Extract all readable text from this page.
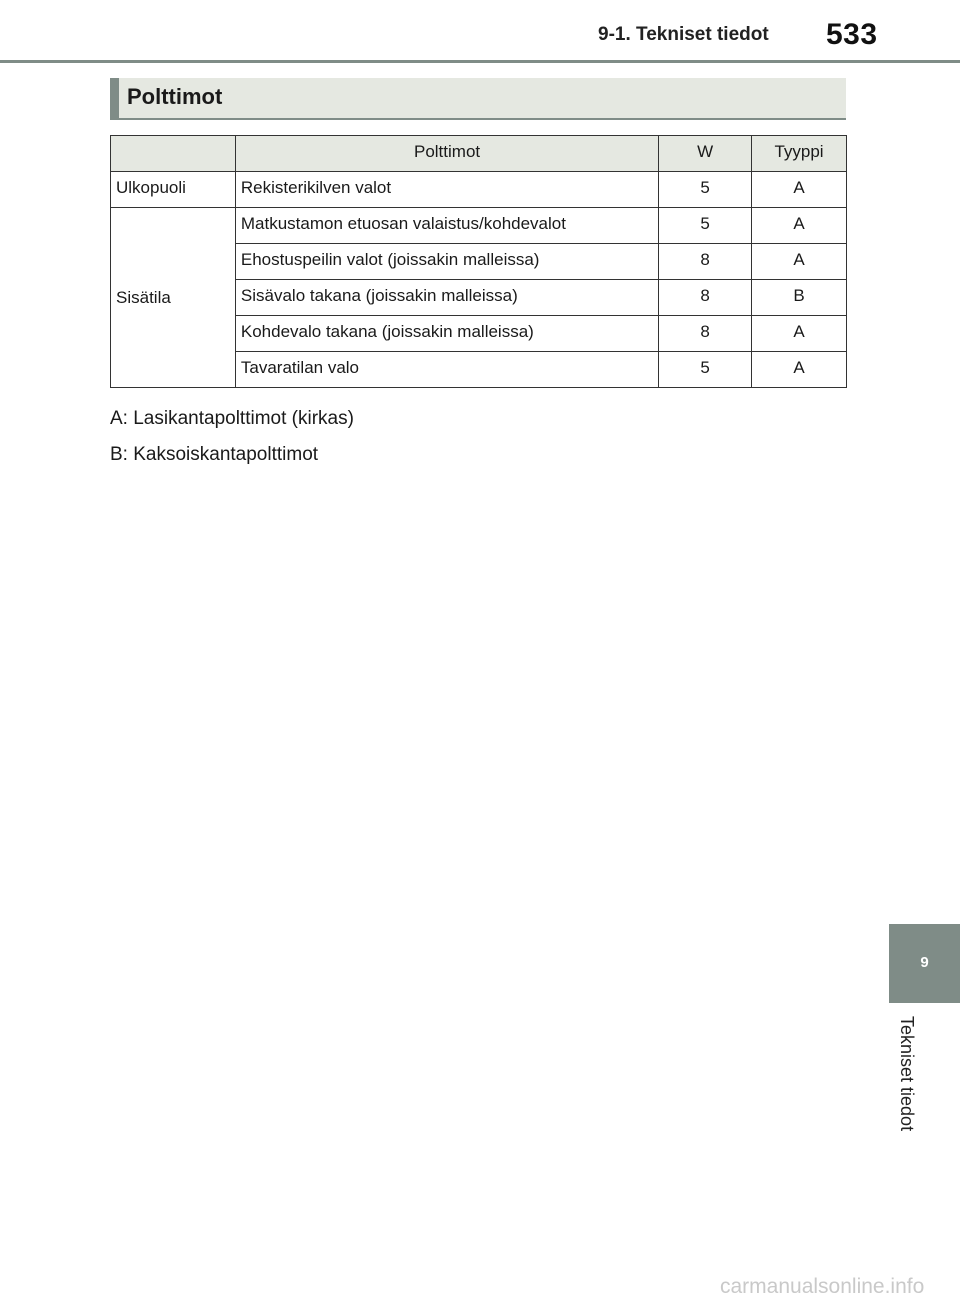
9-1. Tekniset tiedot 533
Polttimot
	Polttimot	W	Tyyppi
Ulkopuoli	Rekisterikilven valot	5	A
Sisätila	Matkustamon etuosan valaistus/kohdevalot	5	A
	Ehostuspeilin valot (joissakin malleissa)	8	A
	Sisävalo takana (joissakin malleissa)	8	B
	Kohdevalo takana (joissakin malleissa)	8	A
	Tavaratilan valo	5	A

A: Lasikantapolttimot (kirkas)

B: Kaksoiskantapolttimot

9
Tekniset tiedot
carmanualsonline.info
